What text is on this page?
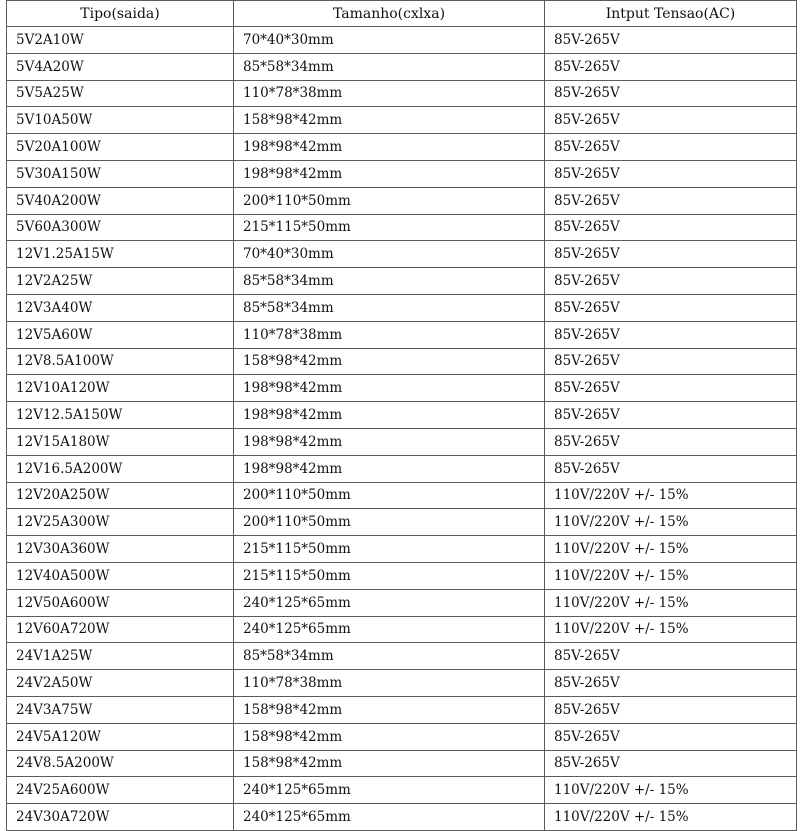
Tipo(saida)	Tamanho(cxlxa)	Intput Tensao(AC)
5V2A10W	70*40*30mm	85V-265V
5V4A20W	85*58*34mm	85V-265V
5V5A25W	110*78*38mm	85V-265V
5V10A50W	158*98*42mm	85V-265V
5V20A100W	198*98*42mm	85V-265V
5V30A150W	198*98*42mm	85V-265V
5V40A200W	200*110*50mm	85V-265V
5V60A300W	215*115*50mm	85V-265V
12V1.25A15W	70*40*30mm	85V-265V
12V2A25W	85*58*34mm	85V-265V
12V3A40W	85*58*34mm	85V-265V
12V5A60W	110*78*38mm	85V-265V
12V8.5A100W	158*98*42mm	85V-265V
12V10A120W	198*98*42mm	85V-265V
12V12.5A150W	198*98*42mm	85V-265V
12V15A180W	198*98*42mm	85V-265V
12V16.5A200W	198*98*42mm	85V-265V
12V20A250W	200*110*50mm	110V/220V +/- 15%
12V25A300W	200*110*50mm	110V/220V +/- 15%
12V30A360W	215*115*50mm	110V/220V +/- 15%
12V40A500W	215*115*50mm	110V/220V +/- 15%
12V50A600W	240*125*65mm	110V/220V +/- 15%
12V60A720W	240*125*65mm	110V/220V +/- 15%
24V1A25W	85*58*34mm	85V-265V
24V2A50W	110*78*38mm	85V-265V
24V3A75W	158*98*42mm	85V-265V
24V5A120W	158*98*42mm	85V-265V
24V8.5A200W	158*98*42mm	85V-265V
24V25A600W	240*125*65mm	110V/220V +/- 15%
24V30A720W	240*125*65mm	110V/220V +/- 15%
